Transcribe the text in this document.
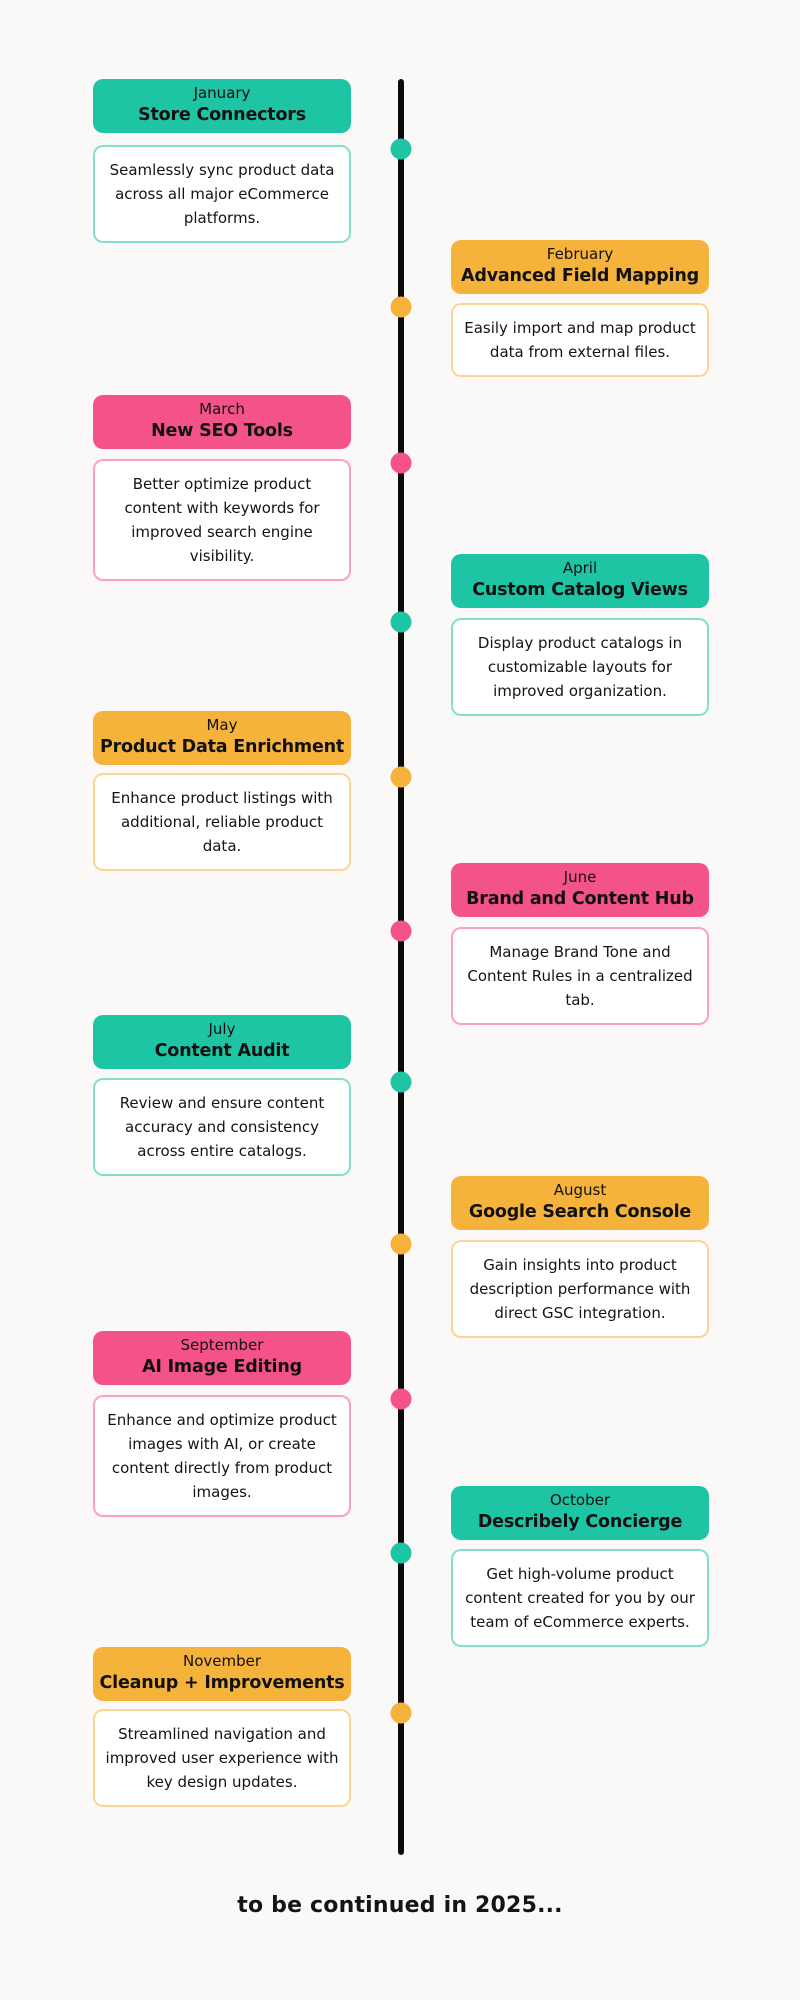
January
Store Connectors
Seamlessly sync product data across all major eCommerce platforms.
February
Advanced Field Mapping
Easily import and map product data from external files.
March
New SEO Tools
Better optimize product content with keywords for improved search engine visibility.
April
Custom Catalog Views
Display product catalogs in customizable layouts for improved organization.
May
Product Data Enrichment
Enhance product listings with additional, reliable product data.
June
Brand and Content Hub
Manage Brand Tone and Content Rules in a centralized tab.
July
Content Audit
Review and ensure content accuracy and consistency across entire catalogs.
August
Google Search Console
Gain insights into product description performance with direct GSC integration.
September
AI Image Editing
Enhance and optimize product images with AI, or create content directly from product images.	October
Describely Concierge
Get high-volume product content created for you by our team of eCommerce experts.
November
Cleanup + Improvements
Streamlined navigation and improved user experience with key design updates.
to be continued in 2025...
